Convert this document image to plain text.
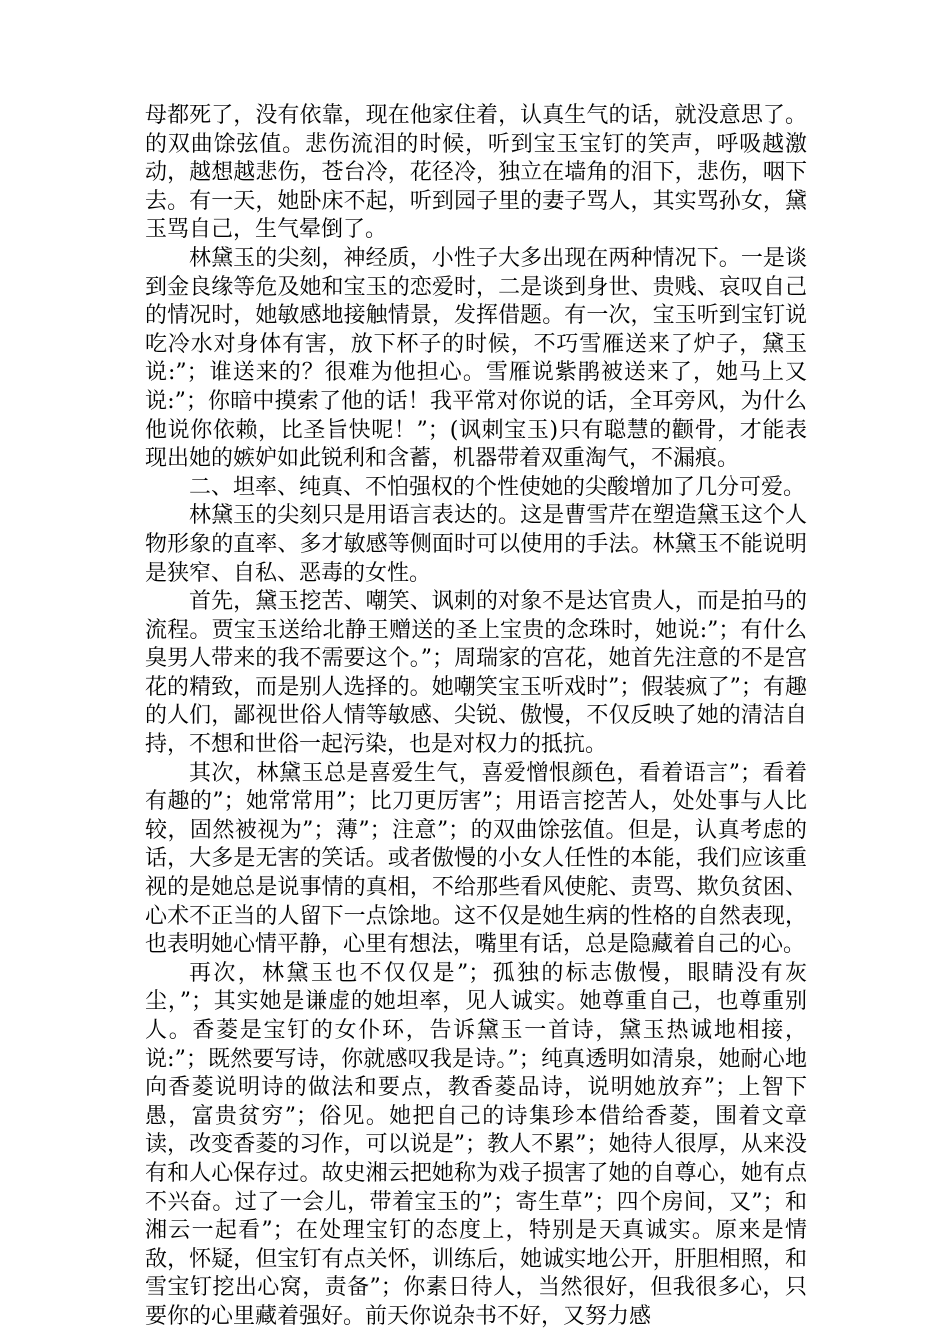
母都死了，没有依靠，现在他家住着，认真生气的话，就没意思了。的双曲馀弦值。悲伤流泪的时候，听到宝玉宝钉的笑声，呼吸越激动，越想越悲伤，苍台冷，花径冷，独立在墙角的泪下，悲伤，咽下去。有一天，她卧床不起，听到园子里的妻子骂人，其实骂孙女，黛玉骂自己，生气晕倒了。

林黛玉的尖刻，神经质，小性子大多出现在两种情况下。一是谈到金良缘等危及她和宝玉的恋爱时，二是谈到身世、贵贱、哀叹自己的情况时，她敏感地接触情景，发挥借题。有一次，宝玉听到宝钉说吃冷水对身体有害，放下杯子的时候，不巧雪雁送来了炉子，黛玉说:”；谁送来的？很难为他担心。雪雁说紫鹃被送来了，她马上又说:”；你暗中摸索了他的话！我平常对你说的话，全耳旁风，为什么他说你依赖，比圣旨快呢！”；(讽刺宝玉)只有聪慧的颧骨，才能表现出她的嫉妒如此锐利和含蓄，机器带着双重淘气，不漏痕。

二、坦率、纯真、不怕强权的个性使她的尖酸增加了几分可爱。

林黛玉的尖刻只是用语言表达的。这是曹雪芹在塑造黛玉这个人物形象的直率、多才敏感等侧面时可以使用的手法。林黛玉不能说明是狭窄、自私、恶毒的女性。

首先，黛玉挖苦、嘲笑、讽刺的对象不是达官贵人，而是拍马的流程。贾宝玉送给北静王赠送的圣上宝贵的念珠时，她说:”；有什么臭男人带来的我不需要这个。”；周瑞家的宫花，她首先注意的不是宫花的精致，而是别人选择的。她嘲笑宝玉听戏时”；假装疯了”；有趣的人们，鄙视世俗人情等敏感、尖锐、傲慢，不仅反映了她的清洁自持，不想和世俗一起污染，也是对权力的抵抗。

其次，林黛玉总是喜爱生气，喜爱憎恨颜色，看着语言”；看着有趣的”；她常常用”；比刀更厉害”；用语言挖苦人，处处事与人比较，固然被视为”；薄”；注意”；的双曲馀弦值。但是，认真考虑的话，大多是无害的笑话。或者傲慢的小女人任性的本能，我们应该重视的是她总是说事情的真相，不给那些看风使舵、责骂、欺负贫困、心术不正当的人留下一点馀地。这不仅是她生病的性格的自然表现，也表明她心情平静，心里有想法，嘴里有话，总是隐藏着自己的心。

再次，林黛玉也不仅仅是”；孤独的标志傲慢，眼睛没有灰尘，”；其实她是谦虚的她坦率，见人诚实。她尊重自己，也尊重别人。香菱是宝钉的女仆环，告诉黛玉一首诗，黛玉热诚地相接，说:”；既然要写诗，你就感叹我是诗。”；纯真透明如清泉，她耐心地向香菱说明诗的做法和要点，教香菱品诗，说明她放弃”；上智下愚，富贵贫穷”；俗见。她把自己的诗集珍本借给香菱，围着文章读，改变香菱的习作，可以说是”；教人不累”；她待人很厚，从来没有和人心保存过。故史湘云把她称为戏子损害了她的自尊心，她有点不兴奋。过了一会儿，带着宝玉的”；寄生草”；四个房间，又”；和湘云一起看”；在处理宝钉的态度上，特别是天真诚实。原来是情敌，怀疑，但宝钉有点关怀，训练后，她诚实地公开，肝胆相照，和雪宝钉挖出心窝，责备”；你素日待人，当然很好，但我很多心，只要你的心里藏着强好。前天你说杂书不好，又努力感
